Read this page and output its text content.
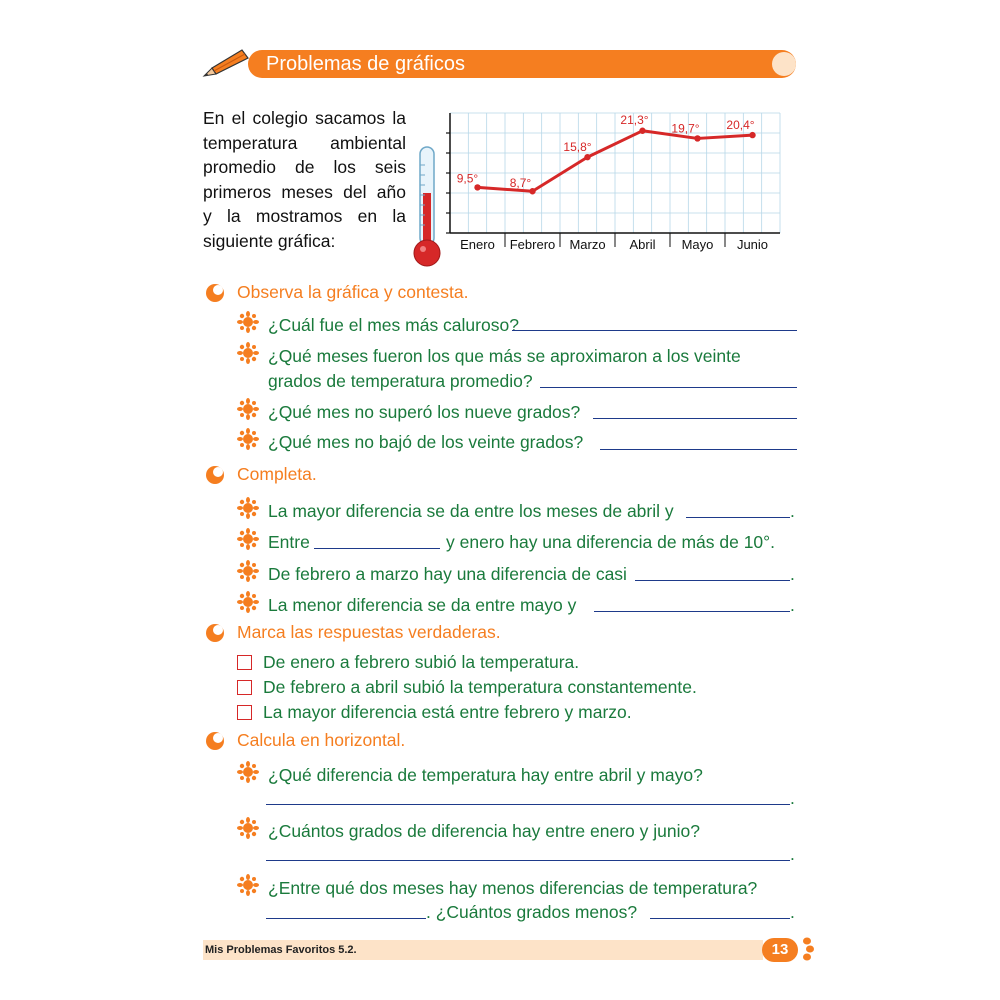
Problemas de gráficos
En el colegio sacamos la
temperatura ambiental
promedio de los seis
primeros meses del año
y la mostramos en la
siguiente gráfica:	Enero Febrero Marzo Abril Mayo Junio
9,5°	8,7°
15,8°
21,3°
19,7° 20,4°
Observa la gráfica y contesta.
¿Cuál fue el mes más caluroso?
¿Qué meses fueron los que más se aproximaron a los veinte
grados de temperatura promedio?
¿Qué mes no superó los nueve grados?
¿Qué mes no bajó de los veinte grados?
Completa.
La mayor diferencia se da entre los meses de abril y	.
Entre	y enero hay una diferencia de más de 10°.
De febrero a marzo hay una diferencia de casi	.
La menor diferencia se da entre mayo y	.
Marca las respuestas verdaderas.
De enero a febrero subió la temperatura.
De febrero a abril subió la temperatura constantemente.
La mayor diferencia está entre febrero y marzo.
Calcula en horizontal.
¿Qué diferencia de temperatura hay entre abril y mayo?
.
¿Cuántos grados de diferencia hay entre enero y junio?
.
¿Entre qué dos meses hay menos diferencias de temperatura?
. ¿Cuántos grados menos?	.
Mis Problemas Favoritos 5.2.	13
